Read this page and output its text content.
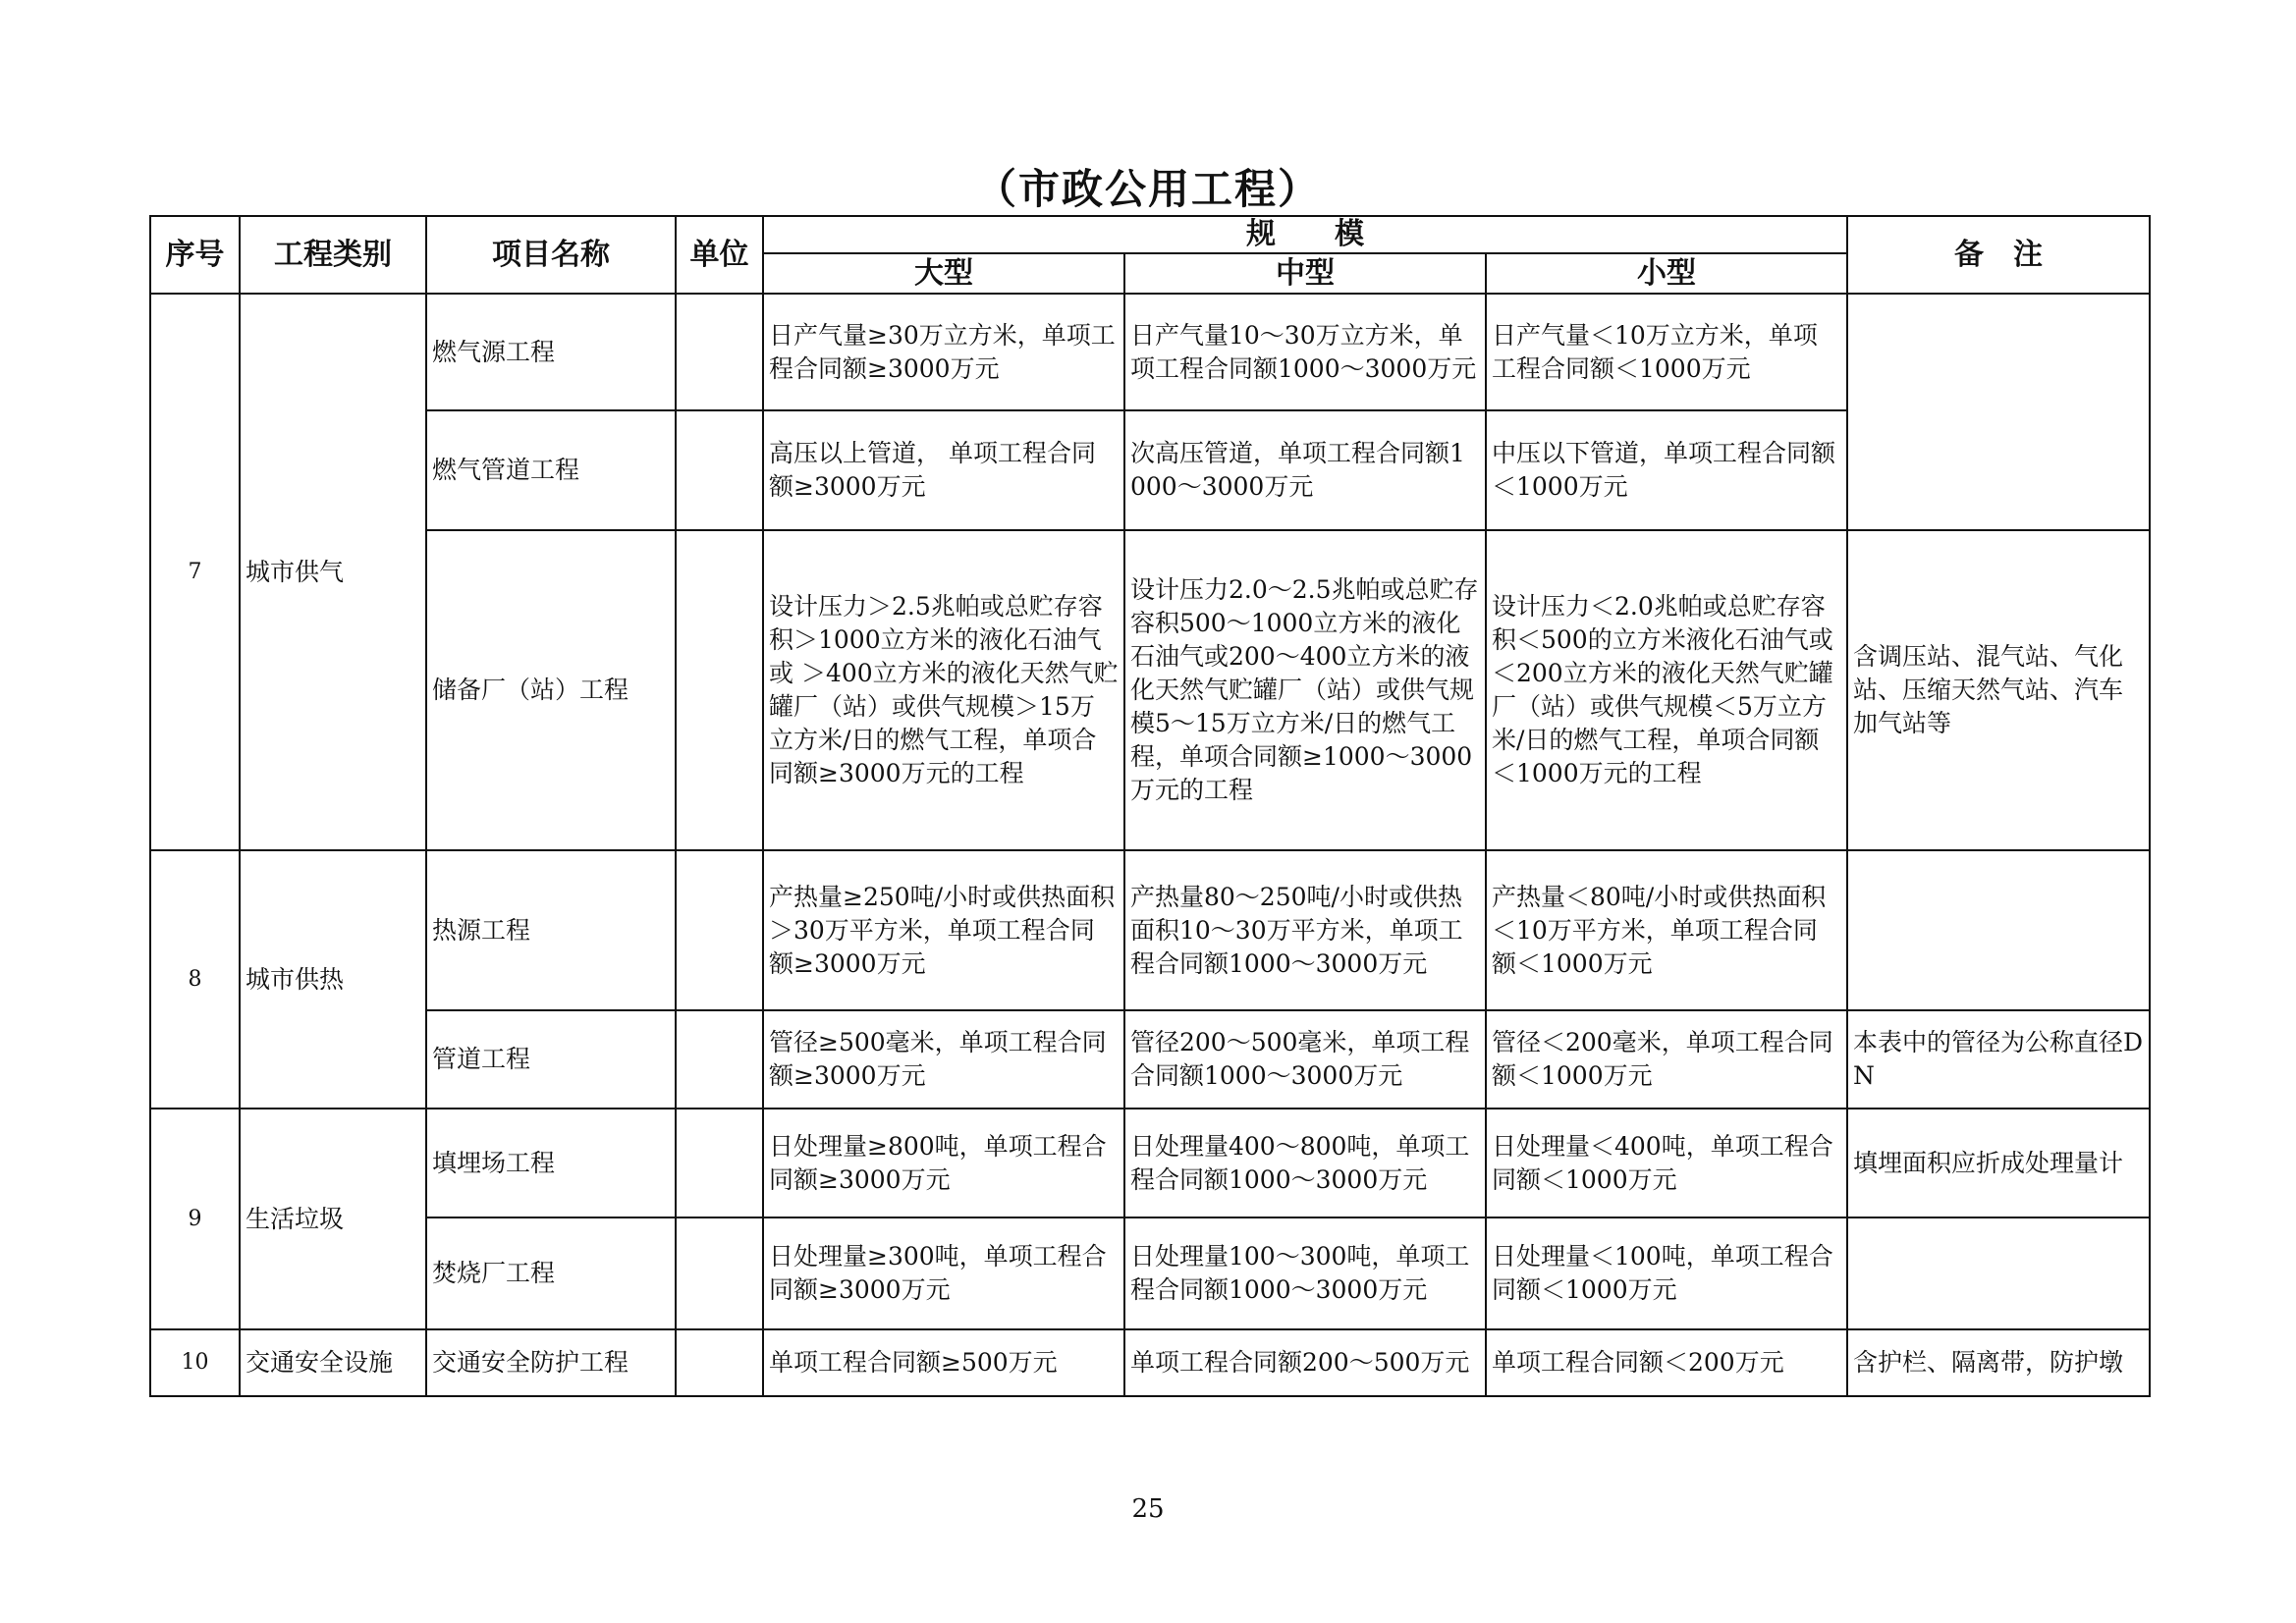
（市政公用工程）
序号	工程类别	项目名称	单位	规　　模			备　注
				大型	中型	小型	
7	城市供气	燃气源工程		日产气量≥30万立方米，单项工程合同额≥3000万元	日产气量10～30万立方米，单项工程合同额1000～3000万元	日产气量＜10万立方米，单项工程合同额＜1000万元	
		燃气管道工程		高压以上管道， 单项工程合同额≥3000万元	次高压管道，单项工程合同额1000～3000万元	中压以下管道，单项工程合同额＜1000万元	
		储备厂（站）工程		设计压力＞2.5兆帕或总贮存容积＞1000立方米的液化石油气或 ＞400立方米的液化天然气贮罐厂（站）或供气规模＞15万立方米/日的燃气工程，单项合同额≥3000万元的工程	设计压力2.0～2.5兆帕或总贮存容积500～1000立方米的液化石油气或200～400立方米的液化天然气贮罐厂（站）或供气规模5～15万立方米/日的燃气工程，单项合同额≥1000～3000万元的工程	设计压力＜2.0兆帕或总贮存容积＜500的立方米液化石油气或＜200立方米的液化天然气贮罐厂（站）或供气规模＜5万立方米/日的燃气工程，单项合同额＜1000万元的工程	含调压站、混气站、气化站、压缩天然气站、汽车加气站等
8	城市供热	热源工程		产热量≥250吨/小时或供热面积＞30万平方米，单项工程合同额≥3000万元	产热量80～250吨/小时或供热面积10～30万平方米，单项工程合同额1000～3000万元	产热量＜80吨/小时或供热面积＜10万平方米，单项工程合同额＜1000万元	
		管道工程		管径≥500毫米，单项工程合同额≥3000万元	管径200～500毫米，单项工程合同额1000～3000万元	管径＜200毫米，单项工程合同额＜1000万元	本表中的管径为公称直径DN
9	生活垃圾	填埋场工程		日处理量≥800吨，单项工程合同额≥3000万元	日处理量400～800吨，单项工程合同额1000～3000万元	日处理量＜400吨，单项工程合同额＜1000万元	填埋面积应折成处理量计
		焚烧厂工程		日处理量≥300吨，单项工程合同额≥3000万元	日处理量100～300吨，单项工程合同额1000～3000万元	日处理量＜100吨，单项工程合同额＜1000万元	
10	交通安全设施	交通安全防护工程		单项工程合同额≥500万元	单项工程合同额200～500万元	单项工程合同额＜200万元	含护栏、隔离带，防护墩
25
